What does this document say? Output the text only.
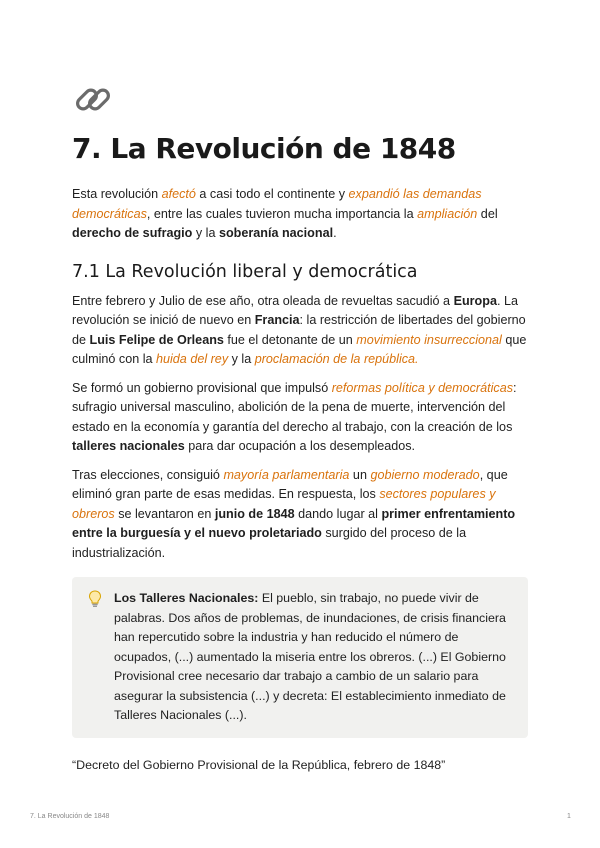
7. La Revolución de 1848

Esta revolución afectó a casi todo el continente y expandió las demandas democráticas, entre las cuales tuvieron mucha importancia la ampliación del derecho de sufragio y la soberanía nacional.

7.1 La Revolución liberal y democrática

Entre febrero y Julio de ese año, otra oleada de revueltas sacudió a Europa. La revolución se inició de nuevo en Francia: la restricción de libertades del gobierno de Luis Felipe de Orleans fue el detonante de un movimiento insurreccional que culminó con la huida del rey y la proclamación de la república.

Se formó un gobierno provisional que impulsó reformas política y democráticas: sufragio universal masculino, abolición de la pena de muerte, intervención del estado en la economía y garantía del derecho al trabajo, con la creación de los talleres nacionales para dar ocupación a los desempleados.

Tras elecciones, consiguió mayoría parlamentaria un gobierno moderado, que eliminó gran parte de esas medidas. En respuesta, los sectores populares y obreros se levantaron en junio de 1848 dando lugar al primer enfrentamiento entre la burguesía y el nuevo proletariado surgido del proceso de la industrialización.

Los Talleres Nacionales: El pueblo, sin trabajo, no puede vivir de palabras. Dos años de problemas, de inundaciones, de crisis financiera han repercutido sobre la industria y han reducido el número de ocupados, (...) aumentado la miseria entre los obreros. (...) El Gobierno Provisional cree necesario dar trabajo a cambio de un salario para asegurar la subsistencia (...) y decreta: El establecimiento inmediato de Talleres Nacionales (...).

“Decreto del Gobierno Provisional de la República, febrero de 1848”

7. La Revolución de 1848	1
